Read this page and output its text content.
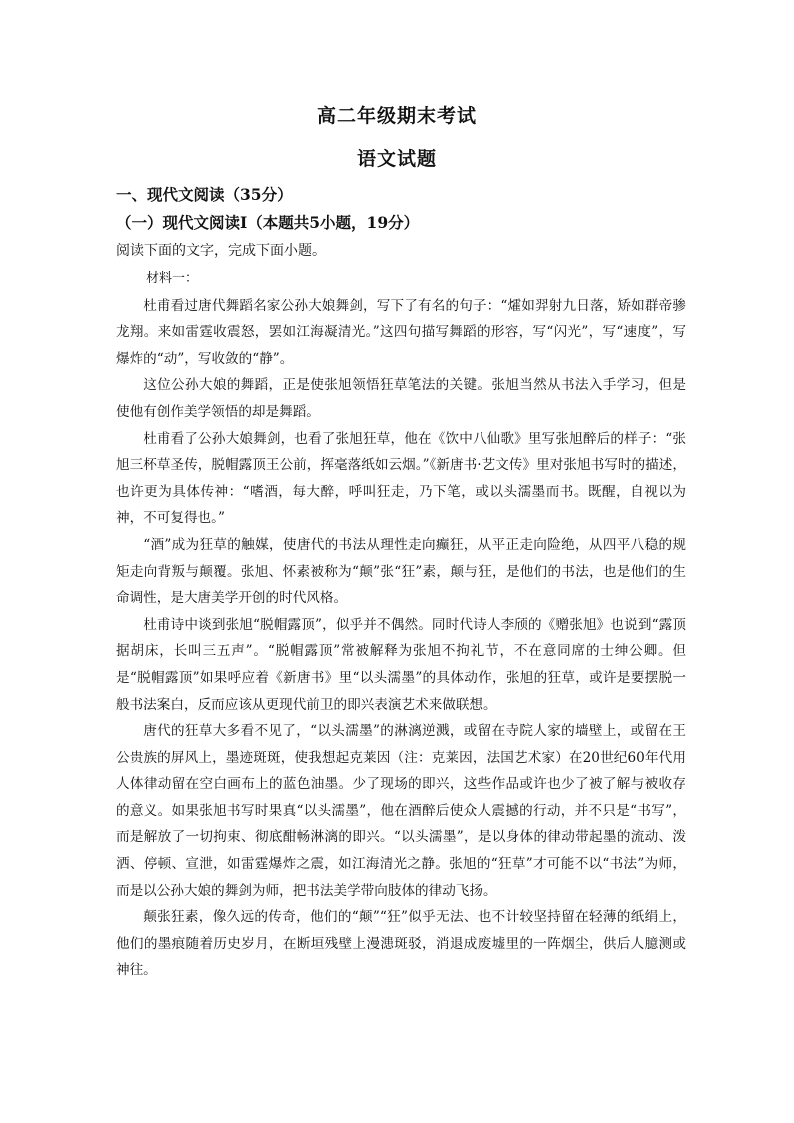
高二年级期末考试
语文试题
一、现代文阅读（35分）
（一）现代文阅读Ⅰ（本题共5小题，19分）
阅读下面的文字，完成下面小题。

材料一：

杜甫看过唐代舞蹈名家公孙大娘舞剑，写下了有名的句子：“㸌如羿射九日落，矫如群帝骖龙翔。来如雷霆收震怒，罢如江海凝清光。”这四句描写舞蹈的形容，写“闪光”，写“速度”，写爆炸的“动”，写收敛的“静”。

这位公孙大娘的舞蹈，正是使张旭领悟狂草笔法的关键。张旭当然从书法入手学习，但是使他有创作美学领悟的却是舞蹈。

杜甫看了公孙大娘舞剑，也看了张旭狂草，他在《饮中八仙歌》里写张旭醉后的样子：“张旭三杯草圣传，脱帽露顶王公前，挥毫落纸如云烟。”《新唐书·艺文传》里对张旭书写时的描述，也许更为具体传神：“嗜酒，每大醉，呼叫狂走，乃下笔，或以头濡墨而书。既醒，自视以为神，不可复得也。”

“酒”成为狂草的触媒，使唐代的书法从理性走向癫狂，从平正走向险绝，从四平八稳的规矩走向背叛与颠覆。张旭、怀素被称为“颠”张“狂”素，颠与狂，是他们的书法，也是他们的生命调性，是大唐美学开创的时代风格。

杜甫诗中谈到张旭“脱帽露顶”，似乎并不偶然。同时代诗人李颀的《赠张旭》也说到“露顶据胡床，长叫三五声”。“脱帽露顶”常被解释为张旭不拘礼节，不在意同席的士绅公卿。但是“脱帽露顶”如果呼应着《新唐书》里“以头濡墨”的具体动作，张旭的狂草，或许是要摆脱一般书法案白，反而应该从更现代前卫的即兴表演艺术来做联想。

唐代的狂草大多看不见了，“以头濡墨”的淋漓逆溅，或留在寺院人家的墙壁上，或留在王公贵族的屏风上，墨迹斑斑，使我想起克莱因（注：克莱因，法国艺术家）在20世纪60年代用人体律动留在空白画布上的蓝色油墨。少了现场的即兴，这些作品或许也少了被了解与被收存的意义。如果张旭书写时果真“以头濡墨”，他在酒醉后使众人震撼的行动，并不只是“书写”，而是解放了一切拘束、彻底酣畅淋漓的即兴。“以头濡墨”，是以身体的律动带起墨的流动、泼洒、停顿、宣泄，如雷霆爆炸之震，如江海清光之静。张旭的“狂草”才可能不以“书法”为师，而是以公孙大娘的舞剑为师，把书法美学带向肢体的律动飞扬。

颠张狂素，像久远的传奇，他们的“颠”“狂”似乎无法、也不计较坚持留在轻薄的纸绢上，他们的墨痕随着历史岁月，在断垣残壁上漫漶斑驳，消退成废墟里的一阵烟尘，供后人臆测或神往。
